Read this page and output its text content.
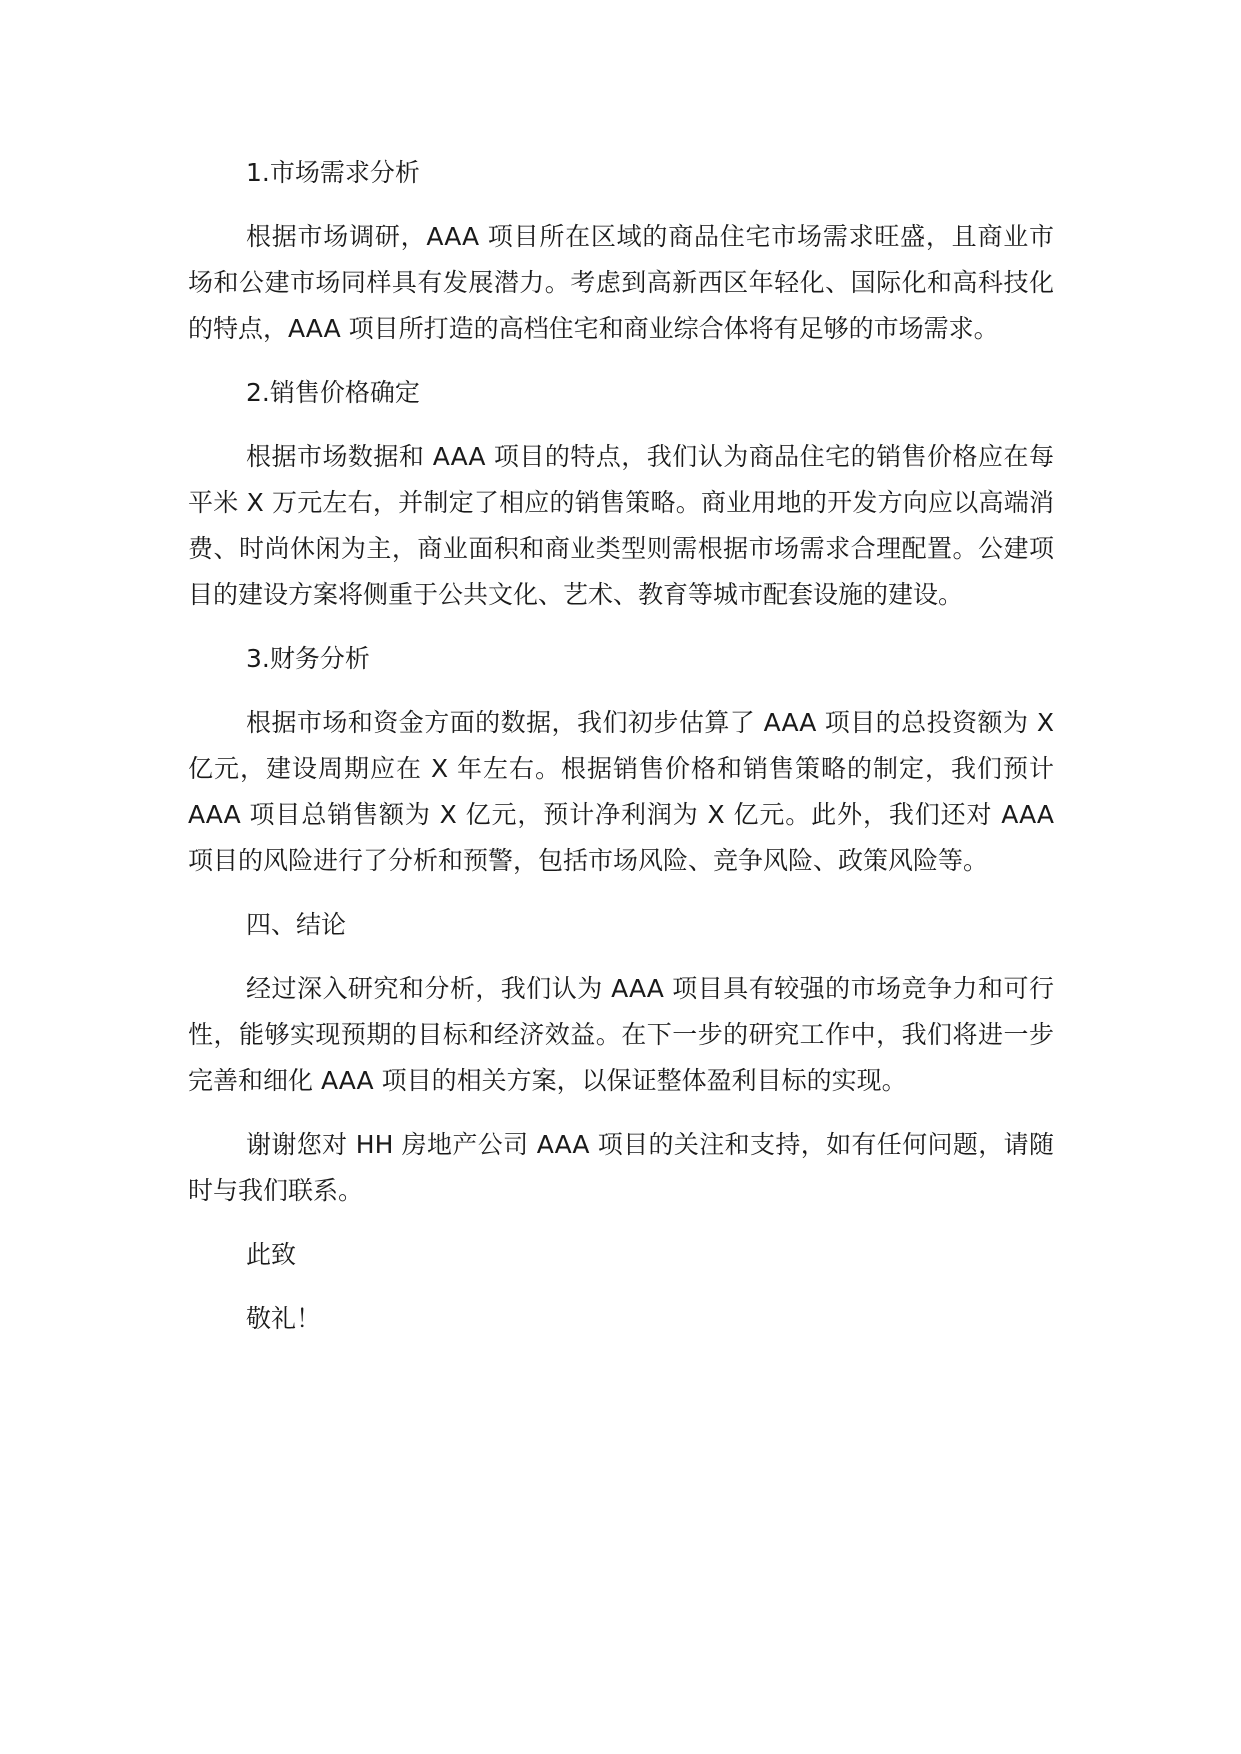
1.市场需求分析

根据市场调研，AAA 项目所在区域的商品住宅市场需求旺盛，且商业市场和公建市场同样具有发展潜力。考虑到高新西区年轻化、国际化和高科技化的特点，AAA 项目所打造的高档住宅和商业综合体将有足够的市场需求。

2.销售价格确定

根据市场数据和 AAA 项目的特点，我们认为商品住宅的销售价格应在每平米 X 万元左右，并制定了相应的销售策略。商业用地的开发方向应以高端消费、时尚休闲为主，商业面积和商业类型则需根据市场需求合理配置。公建项目的建设方案将侧重于公共文化、艺术、教育等城市配套设施的建设。

3.财务分析

根据市场和资金方面的数据，我们初步估算了 AAA 项目的总投资额为 X 亿元，建设周期应在 X 年左右。根据销售价格和销售策略的制定，我们预计 AAA 项目总销售额为 X 亿元，预计净利润为 X 亿元。此外，我们还对 AAA 项目的风险进行了分析和预警，包括市场风险、竞争风险、政策风险等。

四、结论

经过深入研究和分析，我们认为 AAA 项目具有较强的市场竞争力和可行性，能够实现预期的目标和经济效益。在下一步的研究工作中，我们将进一步完善和细化 AAA 项目的相关方案，以保证整体盈利目标的实现。

谢谢您对 HH 房地产公司 AAA 项目的关注和支持，如有任何问题，请随时与我们联系。

此致

敬礼！
